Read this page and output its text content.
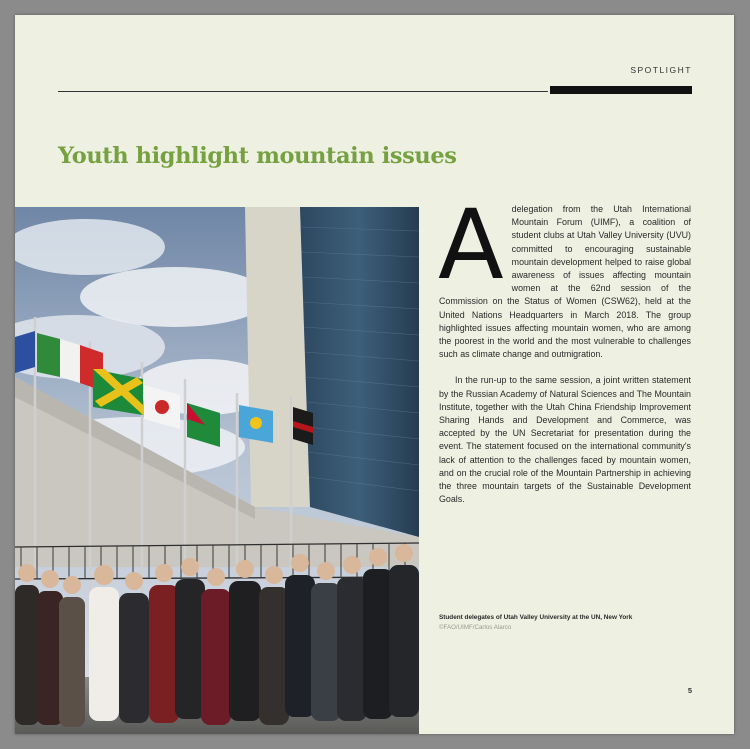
SPOTLIGHT
Youth highlight mountain issues
A delegation from the Utah International Mountain Forum (UIMF), a coalition of student clubs at Utah Valley University (UVU) committed to encouraging sustainable mountain development helped to raise global awareness of issues affecting mountain women at the 62nd session of the Commission on the Status of Women (CSW62), held at the United Nations Headquarters in March 2018. The group highlighted issues affecting mountain women, who are among the poorest in the world and the most vulnerable to challenges such as climate change and outmigration.

In the run-up to the same session, a joint written statement by the Russian Academy of Natural Sciences and The Mountain Institute, together with the Utah China Friendship Improvement Sharing Hands and Development and Commerce, was accepted by the UN Secretariat for presentation during the event. The statement focused on the international community's lack of attention to the challenges faced by mountain women, and on the crucial role of the Mountain Partnership in achieving the three mountain targets of the Sustainable Development Goals.

Student delegates of Utah Valley University at the UN, New York
©FAO/UIMF/Carlos Alarco
5
